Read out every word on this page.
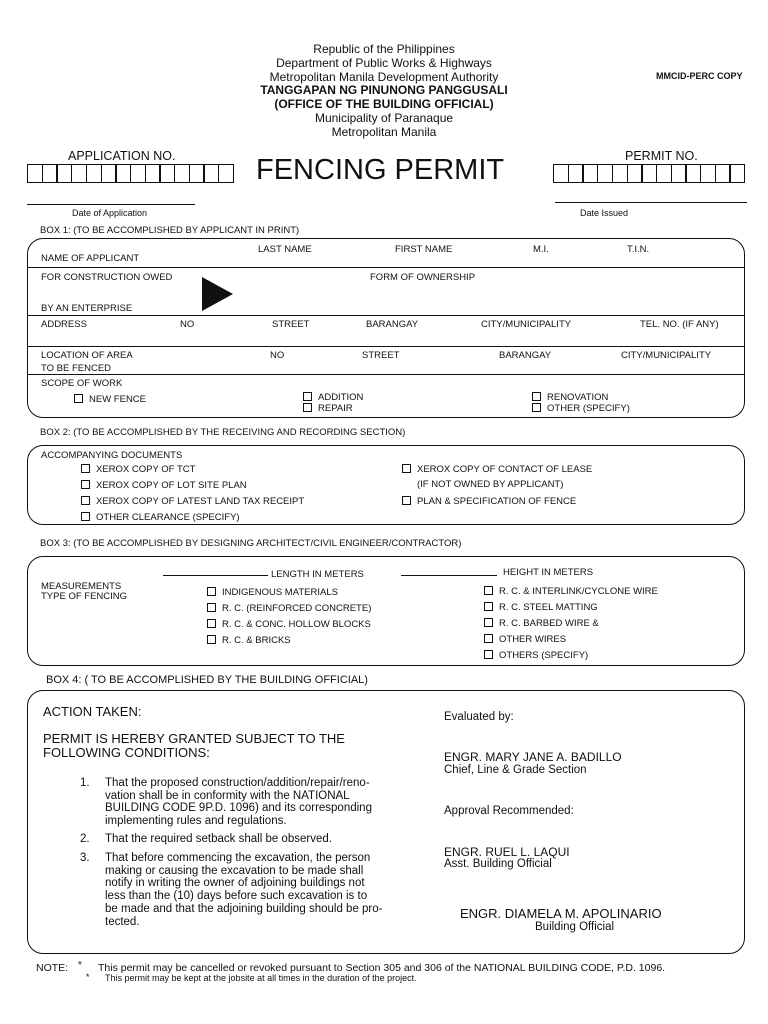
Republic of the Philippines
Department of Public Works & Highways
Metropolitan Manila Development Authority
TANGGAPAN NG PINUNONG PANGGUSALI
(OFFICE OF THE BUILDING OFFICIAL)
Municipality of Paranaque
Metropolitan Manila
MMCID-PERC COPY
APPLICATION NO.	FENCING PERMIT	PERMIT NO.
Date of Application	Date Issued
BOX 1: (TO BE ACCOMPLISHED BY APPLICANT IN PRINT)
LAST NAME	FIRST NAME	M.I.	T.I.N.
NAME OF APPLICANT
FOR CONSTRUCTION OWED	FORM OF OWNERSHIP
BY AN ENTERPRISE
ADDRESS	NO	STREET	BARANGAY	CITY/MUNICIPALITY	TEL. NO. (IF ANY)
LOCATION OF AREA	NO	STREET	BARANGAY	CITY/MUNICIPALITY
TO BE FENCED
SCOPE OF WORK
NEW FENCE	ADDITION
REPAIR
RENOVATION
OTHER (SPECIFY)
BOX 2: (TO BE ACCOMPLISHED BY THE RECEIVING AND RECORDING SECTION)
ACCOMPANYING DOCUMENTS
XEROX COPY OF TCT
XEROX COPY OF LOT SITE PLAN
XEROX COPY OF LATEST LAND TAX RECEIPT
OTHER CLEARANCE (SPECIFY)
XEROX COPY OF CONTACT OF LEASE
(IF NOT OWNED BY APPLICANT)
PLAN & SPECIFICATION OF FENCE
BOX 3: (TO BE ACCOMPLISHED BY DESIGNING ARCHITECT/CIVIL ENGINEER/CONTRACTOR)
LENGTH IN METERS	HEIGHT IN METERS
MEASUREMENTS
TYPE OF FENCING	INDIGENOUS MATERIALS
R. C. (REINFORCED CONCRETE)
R. C. & CONC. HOLLOW BLOCKS
R. C. & BRICKS
R. C. & INTERLINK/CYCLONE WIRE
R. C. STEEL MATTING
R. C. BARBED WIRE &
OTHER WIRES
OTHERS (SPECIFY)
BOX 4: ( TO BE ACCOMPLISHED BY THE BUILDING OFFICIAL)
ACTION TAKEN:
PERMIT IS HEREBY GRANTED SUBJECT TO THE
FOLLOWING CONDITIONS:
1. That the proposed construction/addition/repair/reno-
vation shall be in conformity with the NATIONAL
BUILDING CODE 9P.D. 1096) and its corresponding
implementing rules and regulations.
2. That the required setback shall be observed.
3. That before commencing the excavation, the person
making or causing the excavation to be made shall
notify in writing the owner of adjoining buildings not
less than the (10) days before such excavation is to
be made and that the adjoining building should be pro-
tected.
Evaluated by:
ENGR. MARY JANE A. BADILLO
Chief, Line & Grade Section
Approval Recommended:
ENGR. RUEL L. LAQUI
Asst. Building Official
ENGR. DIAMELA M. APOLINARIO
Building Official
NOTE: * This permit may be cancelled or revoked pursuant to Section 305 and 306 of the NATIONAL BUILDING CODE, P.D. 1096.
* This permit may be kept at the jobsite at all times in the duration of the project.
